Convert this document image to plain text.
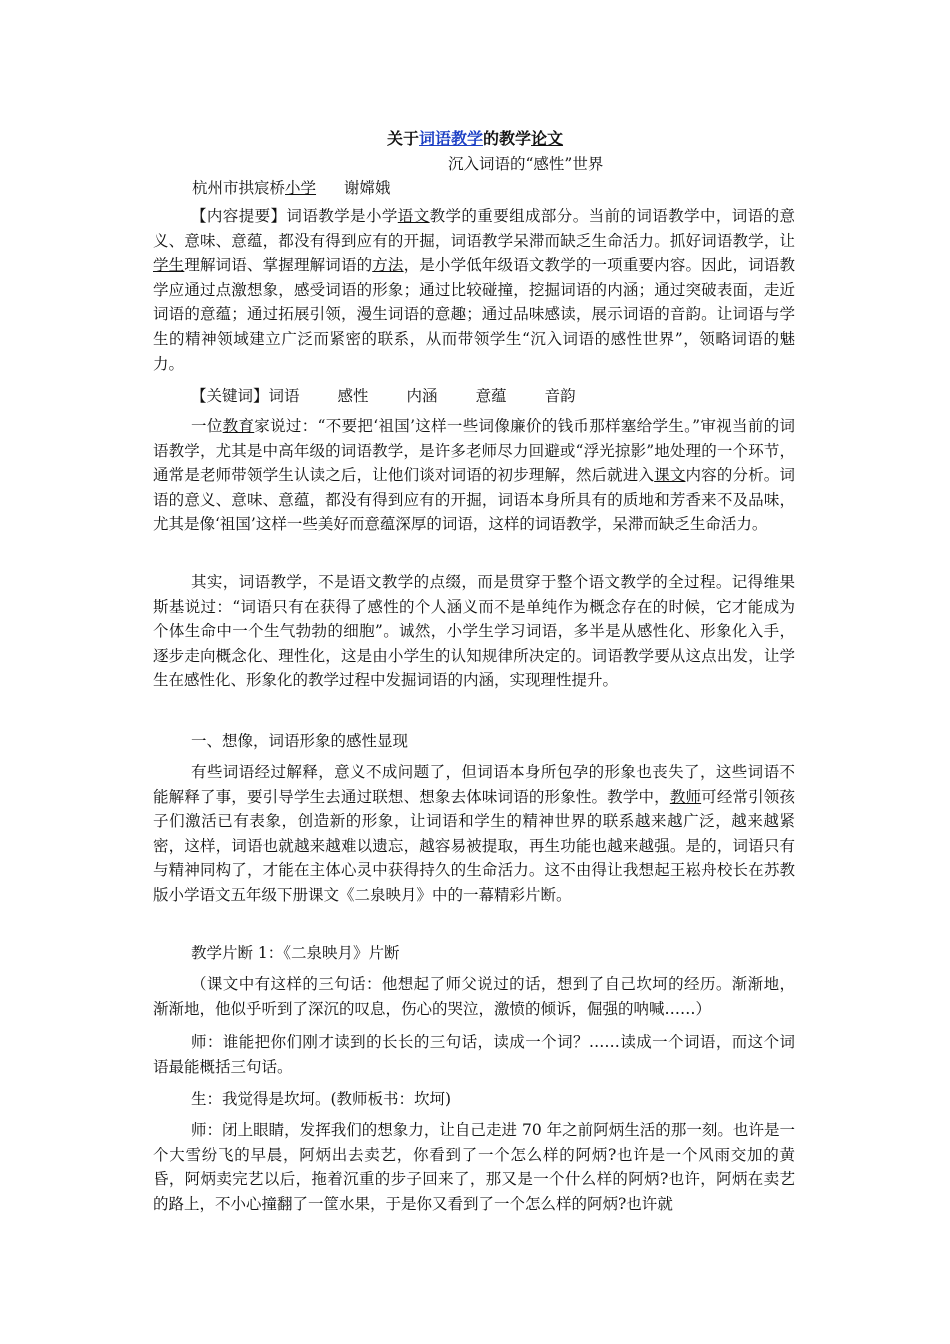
关于词语教学的教学论文
沉入词语的“感性”世界
杭州市拱宸桥小学 谢嫦娥
【内容提要】词语教学是小学语文教学的重要组成部分。当前的词语教学中，词语的意义、意味、意蕴，都没有得到应有的开掘，词语教学呆滞而缺乏生命活力。抓好词语教学，让学生理解词语、掌握理解词语的方法，是小学低年级语文教学的一项重要内容。因此，词语教学应通过点激想象，感受词语的形象；通过比较碰撞，挖掘词语的内涵；通过突破表面，走近词语的意蕴；通过拓展引领，漫生词语的意趣；通过品味感读，展示词语的音韵。让词语与学生的精神领域建立广泛而紧密的联系，从而带领学生“沉入词语的感性世界”，领略词语的魅力。
【关键词】词语 感性 内涵 意蕴 音韵
一位教育家说过：“不要把‘祖国’这样一些词像廉价的钱币那样塞给学生。”审视当前的词语教学，尤其是中高年级的词语教学，是许多老师尽力回避或“浮光掠影”地处理的一个环节，通常是老师带领学生认读之后，让他们谈对词语的初步理解，然后就进入课文内容的分析。词语的意义、意味、意蕴，都没有得到应有的开掘，词语本身所具有的质地和芳香来不及品味，尤其是像‘祖国’这样一些美好而意蕴深厚的词语，这样的词语教学，呆滞而缺乏生命活力。
其实，词语教学，不是语文教学的点缀，而是贯穿于整个语文教学的全过程。记得维果斯基说过：“词语只有在获得了感性的个人涵义而不是单纯作为概念存在的时候，它才能成为个体生命中一个生气勃勃的细胞”。诚然，小学生学习词语，多半是从感性化、形象化入手，逐步走向概念化、理性化，这是由小学生的认知规律所决定的。词语教学要从这点出发，让学生在感性化、形象化的教学过程中发掘词语的内涵，实现理性提升。
一、想像，词语形象的感性显现
有些词语经过解释，意义不成问题了，但词语本身所包孕的形象也丧失了，这些词语不能解释了事，要引导学生去通过联想、想象去体味词语的形象性。教学中，教师可经常引领孩子们激活已有表象，创造新的形象，让词语和学生的精神世界的联系越来越广泛，越来越紧密，这样，词语也就越来越难以遗忘，越容易被提取，再生功能也越来越强。是的，词语只有与精神同构了，才能在主体心灵中获得持久的生命活力。这不由得让我想起王崧舟校长在苏教版小学语文五年级下册课文《二泉映月》中的一幕精彩片断。
教学片断 1：《二泉映月》片断
（课文中有这样的三句话：他想起了师父说过的话，想到了自己坎坷的经历。渐渐地，渐渐地，他似乎听到了深沉的叹息，伤心的哭泣，激愤的倾诉，倔强的呐喊……）
师：谁能把你们刚才读到的长长的三句话，读成一个词？……读成一个词语，而这个词语最能概括三句话。
生：我觉得是坎坷。(教师板书：坎坷)
师：闭上眼睛，发挥我们的想象力，让自己走进 70 年之前阿炳生活的那一刻。也许是一个大雪纷飞的早晨，阿炳出去卖艺，你看到了一个怎么样的阿炳?也许是一个风雨交加的黄昏，阿炳卖完艺以后，拖着沉重的步子回来了，那又是一个什么样的阿炳?也许，阿炳在卖艺的路上，不小心撞翻了一筐水果，于是你又看到了一个怎么样的阿炳?也许就
